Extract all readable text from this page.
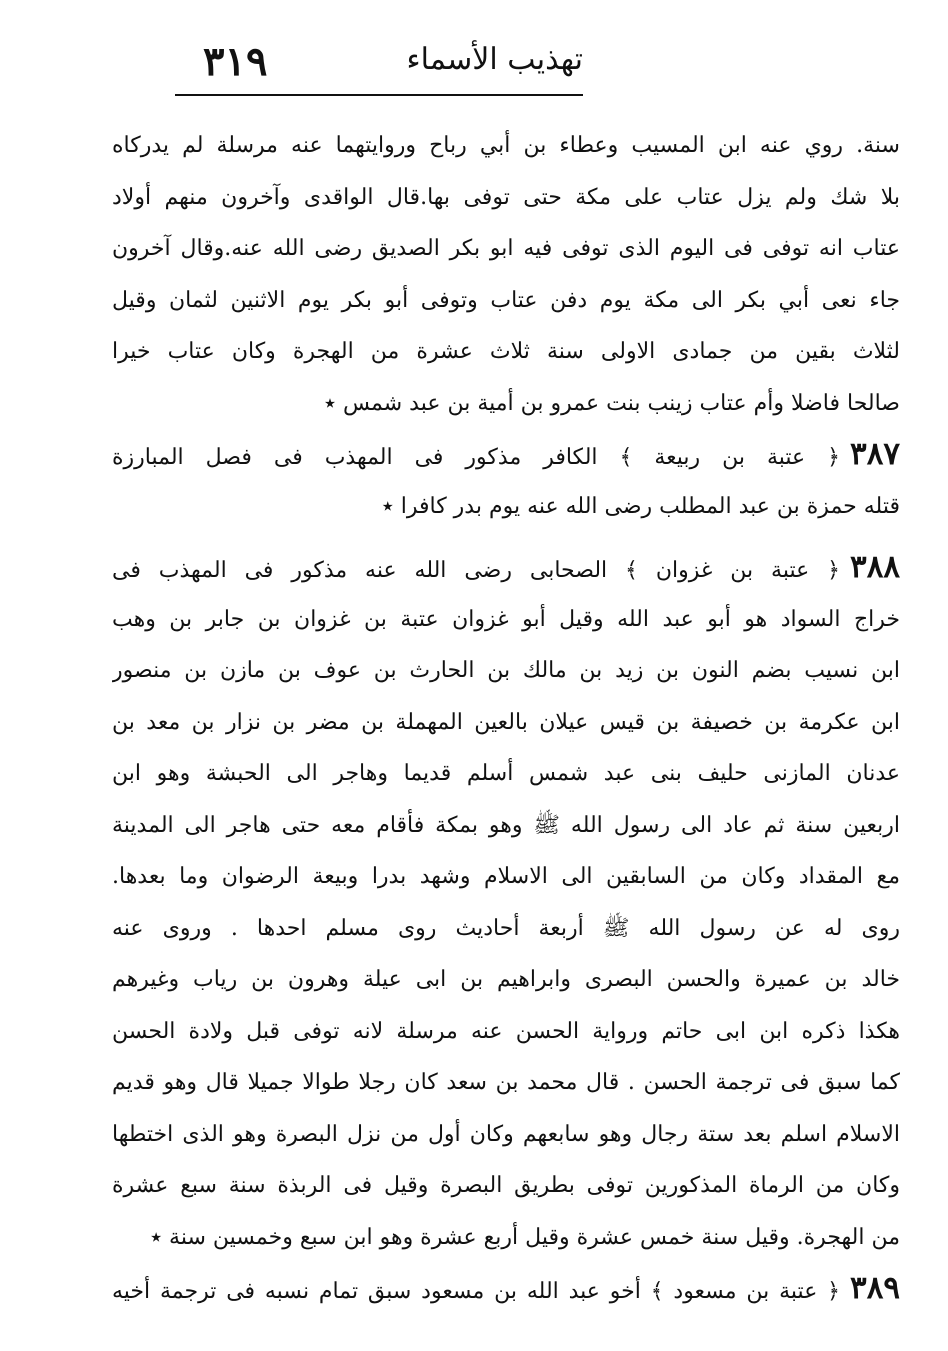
٣١٩	تهذيب الأسماء
سنة. روي عنه ابن المسيب وعطاء بن أبي رباح وروايتهما عنه مرسلة لم يدركاه
بلا شك ولم يزل عتاب على مكة حتى توفى بها.قال الواقدى وآخرون منهم أولاد
عتاب انه توفى فى اليوم الذى توفى فيه ابو بكر الصديق رضى الله عنه.وقال آخرون
جاء نعى أبي بكر الى مكة يوم دفن عتاب وتوفى أبو بكر يوم الاثنين لثمان وقيل
لثلاث بقين من جمادى الاولى سنة ثلاث عشرة من الهجرة وكان عتاب خيرا
صالحا فاضلا وأم عتاب زينب بنت عمرو بن أمية بن عبد شمس ٭
٣٨٧﴿ عتبة بن ربيعة ﴾ الكافر مذكور فى المهذب فى فصل المبارزة
قتله حمزة بن عبد المطلب رضى الله عنه يوم بدر كافرا ٭
٣٨٨﴿ عتبة بن غزوان ﴾ الصحابى رضى الله عنه مذكور فى المهذب فى
خراج السواد هو أبو عبد الله وقيل أبو غزوان عتبة بن غزوان بن جابر بن وهب
ابن نسيب بضم النون بن زيد بن مالك بن الحارث بن عوف بن مازن بن منصور
ابن عكرمة بن خصيفة بن قيس عيلان بالعين المهملة بن مضر بن نزار بن معد بن
عدنان المازنى حليف بنى عبد شمس أسلم قديما وهاجر الى الحبشة وهو ابن
اربعين سنة ثم عاد الى رسول الله ﷺ وهو بمكة فأقام معه حتى هاجر الى المدينة
مع المقداد وكان من السابقين الى الاسلام وشهد بدرا وبيعة الرضوان وما بعدها.
روى له عن رسول الله ﷺ أربعة أحاديث روى مسلم احدها . وروى عنه
خالد بن عميرة والحسن البصرى وابراهيم بن ابى عيلة وهرون بن رياب وغيرهم
هكذا ذكره ابن ابى حاتم ورواية الحسن عنه مرسلة لانه توفى قبل ولادة الحسن
كما سبق فى ترجمة الحسن . قال محمد بن سعد كان رجلا طوالا جميلا قال وهو قديم
الاسلام اسلم بعد ستة رجال وهو سابعهم وكان أول من نزل البصرة وهو الذى اختطها
وكان من الرماة المذكورين توفى بطريق البصرة وقيل فى الربذة سنة سبع عشرة
من الهجرة. وقيل سنة خمس عشرة وقيل أربع عشرة وهو ابن سبع وخمسين سنة ٭
٣٨٩﴿ عتبة بن مسعود ﴾ أخو عبد الله بن مسعود سبق تمام نسبه فى ترجمة أخيه
